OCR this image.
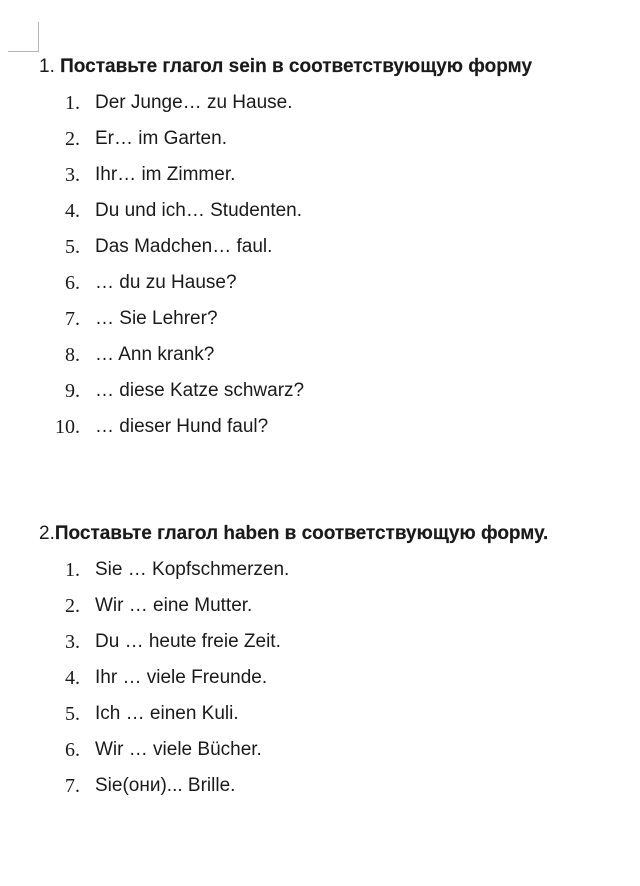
1. Поставьте глагол sein в соответствующую форму
1. Der Junge… zu Hause.
2. Er… im Garten.
3. Ihr… im Zimmer.
4. Du und ich… Studenten.
5. Das Madchen… faul.
6. … du zu Hause?
7. … Sie Lehrer?
8. … Ann krank?
9. … diese Katze schwarz?
10. … dieser Hund faul?
2.Поставьте глагол haben в соответствующую форму.
1. Sie … Kopfschmerzen.
2. Wir … eine Mutter.
3. Du … heute freie Zeit.
4. Ihr … viele Freunde.
5. Ich … einen Kuli.
6. Wir … viele Bücher.
7. Sie(они)... Brille.
